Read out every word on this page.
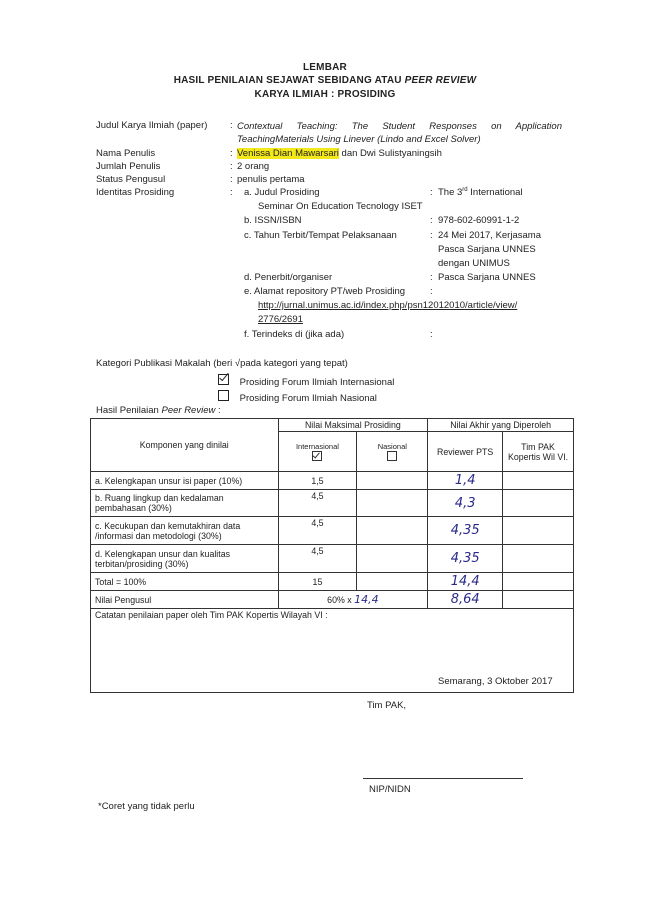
LEMBAR
HASIL PENILAIAN SEJAWAT SEBIDANG ATAU PEER REVIEW
KARYA ILMIAH : PROSIDING
Judul Karya Ilmiah (paper) : Contextual Teaching: The Student Responses on Application TeachingMaterials Using Linever (Lindo and Excel Solver)
Nama Penulis	: Venissa Dian Mawarsari dan Dwi Sulistyaningsih
Jumlah Penulis	: 2 orang
Status Pengusul	: penulis pertama
Identitas Prosiding	: a. Judul Prosiding	: The 3rd International
Seminar On Education Tecnology ISET
b. ISSN/ISBN	: 978-602-60991-1-2
c. Tahun Terbit/Tempat Pelaksanaan	: 24 Mei 2017, Kerjasama
Pasca Sarjana UNNES
dengan UNIMUS
d. Penerbit/organiser	: Pasca Sarjana UNNES
e. Alamat repository PT/web Prosiding	:
http://jurnal.unimus.ac.id/index.php/psn12012010/article/view/
2776/2691
f. Terindeks di (jika ada)	:
Kategori Publikasi Makalah (beri √pada kategori yang tepat)
Prosiding Forum Ilmiah Internasional
Prosiding Forum Ilmiah Nasional
Hasil Penilaian Peer Review :
Komponen yang dinilai	Nilai Maksimal Prosiding		Nilai Akhir yang Diperoleh	

	Internasional	Nasional	Reviewer PTS	Tim PAK Kopertis Wil VI.
a. Kelengkapan unsur isi paper (10%)	1,5		1,4	
b. Ruang lingkup dan kedalaman pembahasan (30%)	4,5		4,3	
c. Kecukupan dan kemutakhiran data /informasi dan metodologi (30%)	4,5		4,35	
d. Kelengkapan unsur dan kualitas terbitan/prosiding (30%)	4,5		4,35	
Total = 100%	15		14,4	
Nilai Pengusul	60% x 14,4		8,64	
Catatan penilaian paper oleh Tim PAK Kopertis Wilayah VI :				
Semarang, 3 Oktober 2017
Tim PAK,
NIP/NIDN
*Coret yang tidak perlu
